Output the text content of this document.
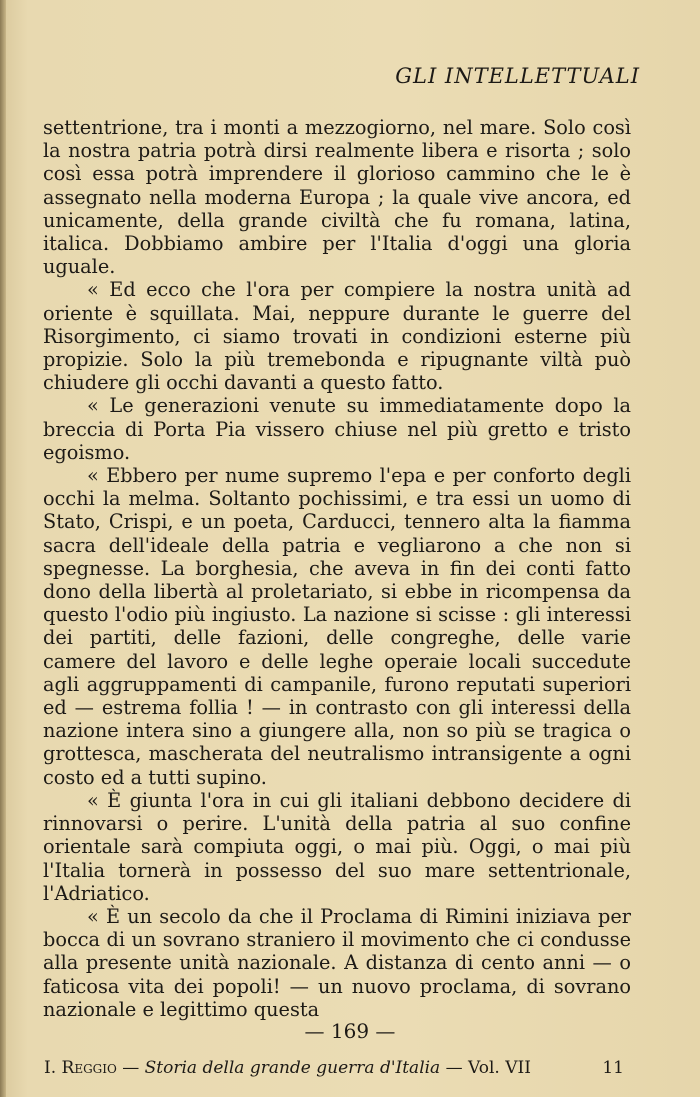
GLI INTELLETTUALI

settentrione, tra i monti a mezzogiorno, nel mare. Solo così la nostra patria potrà dirsi realmente libera e risorta ; solo così essa potrà imprendere il glorioso cammino che le è assegnato nella moderna Europa ; la quale vive ancora, ed unicamente, della grande civiltà che fu romana, latina, italica. Dobbiamo ambire per l'Italia d'oggi una gloria uguale.

« Ed ecco che l'ora per compiere la nostra unità ad oriente è squillata. Mai, neppure durante le guerre del Risorgimento, ci siamo trovati in condizioni esterne più propizie. Solo la più tremebonda e ripugnante viltà può chiudere gli occhi davanti a questo fatto.

« Le generazioni venute su immediatamente dopo la breccia di Porta Pia vissero chiuse nel più gretto e tristo egoismo.

« Ebbero per nume supremo l'epa e per conforto degli occhi la melma. Soltanto pochissimi, e tra essi un uomo di Stato, Crispi, e un poeta, Carducci, tennero alta la fiamma sacra dell'ideale della patria e vegliarono a che non si spegnesse. La borghesia, che aveva in fin dei conti fatto dono della libertà al proletariato, si ebbe in ricompensa da questo l'odio più ingiusto. La nazione si scisse : gli interessi dei partiti, delle fazioni, delle congreghe, delle varie camere del lavoro e delle leghe operaie locali succedute agli aggruppamenti di campanile, furono reputati superiori ed — estrema follia ! — in contrasto con gli interessi della nazione intera sino a giungere alla, non so più se tragica o grottesca, mascherata del neutralismo intransigente a ogni costo ed a tutti supino.

« È giunta l'ora in cui gli italiani debbono decidere di rinnovarsi o perire. L'unità della patria al suo confine orientale sarà compiuta oggi, o mai più. Oggi, o mai più l'Italia tornerà in possesso del suo mare settentrionale, l'Adriatico.

« È un secolo da che il Proclama di Rimini iniziava per bocca di un sovrano straniero il movimento che ci condusse alla presente unità nazionale. A distanza di cento anni — o faticosa vita dei popoli! — un nuovo proclama, di sovrano nazionale e legittimo questa

— 169 —
I. Reggio — Storia della grande guerra d'Italia — Vol. VII	11
